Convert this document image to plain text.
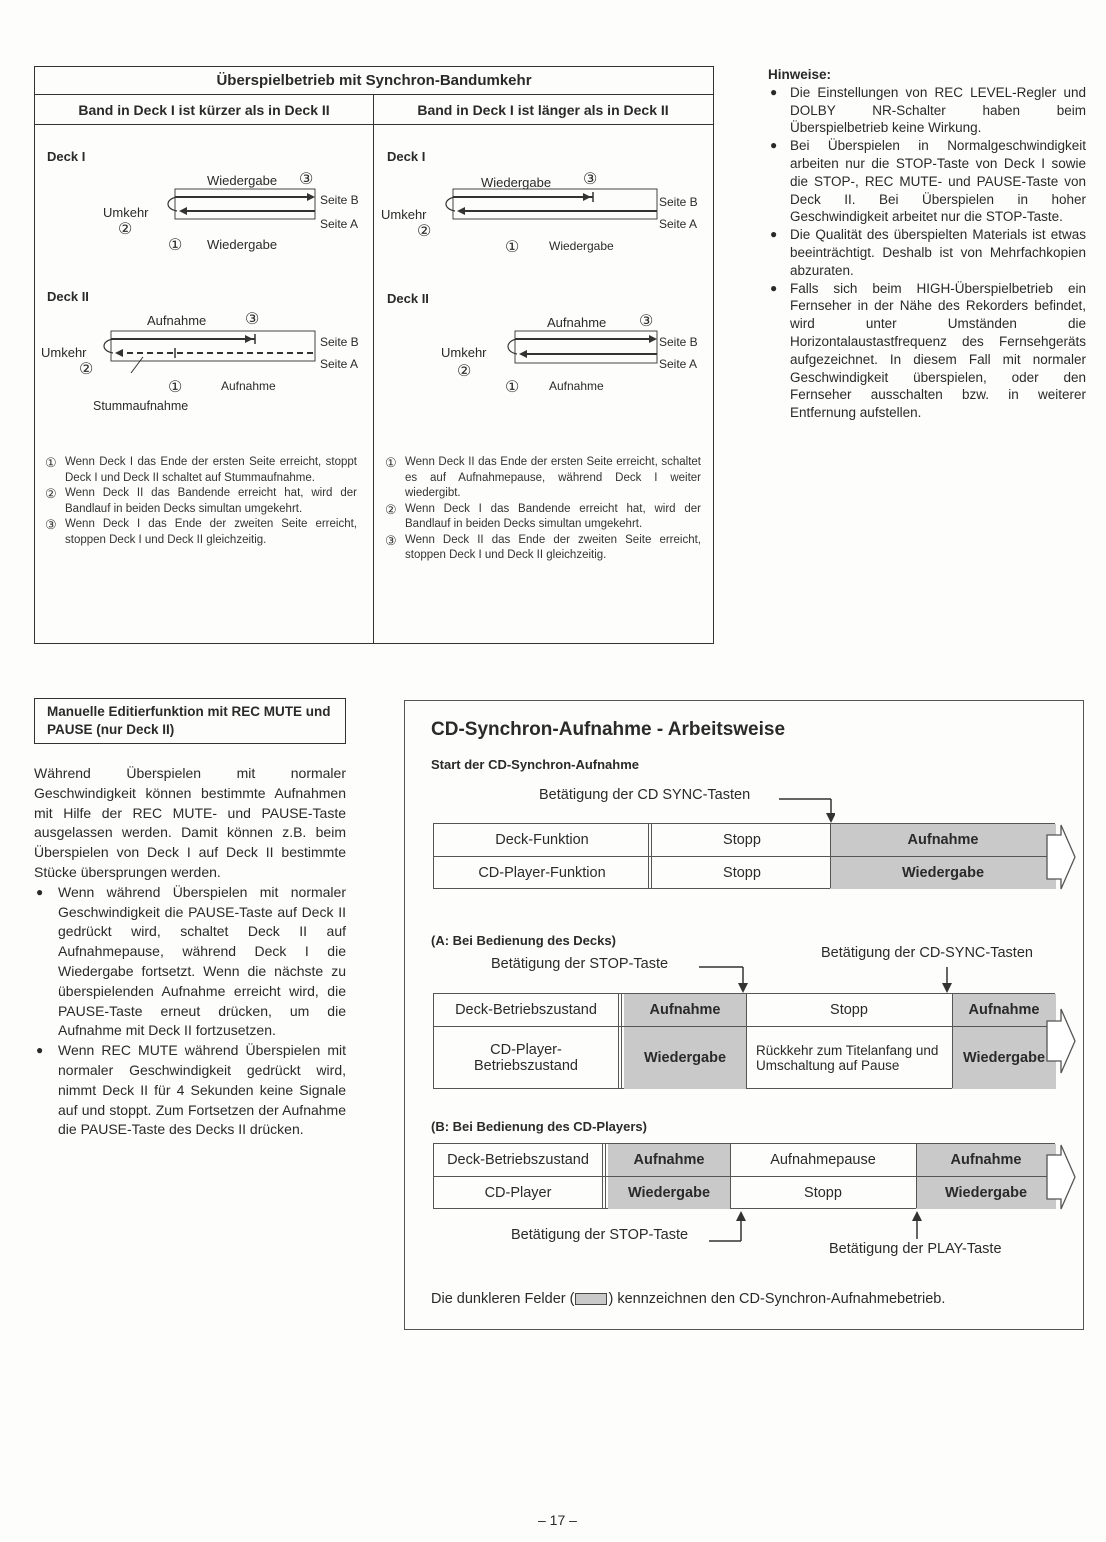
Überspielbetrieb mit Synchron-Bandumkehr
Band in Deck I ist kürzer als in Deck II	Band in Deck I ist länger als in Deck II
Deck I
Wiedergabe ③
Umkehr
②
Seite B
Seite A
① Wiedergabe
Deck II
Aufnahme ③
Umkehr
②
Seite B
Seite A
①	Aufnahme
Stummaufnahme
① Wenn Deck I das Ende der ersten Seite erreicht, stoppt Deck I und Deck II schaltet auf Stummaufnahme.
② Wenn Deck II das Bandende erreicht hat, wird der Bandlauf in beiden Decks simultan umgekehrt.
③ Wenn Deck I das Ende der zweiten Seite erreicht, stoppen Deck I und Deck II gleichzeitig.
Deck I
Wiedergabe ③
Umkehr
②
Seite B
Seite A
① Wiedergabe
Deck II
Aufnahme ③
Umkehr
②
Seite B
Seite A
① Aufnahme
① Wenn Deck II das Ende der ersten Seite erreicht, schaltet es auf Aufnahmepause, während Deck I weiter wiedergibt.
② Wenn Deck I das Bandende erreicht hat, wird der Bandlauf in beiden Decks simultan umgekehrt.
③ Wenn Deck II das Ende der zweiten Seite erreicht, stoppen Deck I und Deck II gleichzeitig.
Hinweise:
● Die Einstellungen von REC LEVEL-Regler und DOLBY NR-Schalter haben beim Überspielbetrieb keine Wirkung.
● Bei Überspielen in Normalgeschwindigkeit arbeiten nur die STOP-Taste von Deck I sowie die STOP-, REC MUTE- und PAUSE-Taste von Deck II. Bei Überspielen in hoher Geschwindigkeit arbeitet nur die STOP-Taste.
● Die Qualität des überspielten Materials ist etwas beeinträchtigt. Deshalb ist von Mehrfachkopien abzuraten.
● Falls sich beim HIGH-Überspielbetrieb ein Fernseher in der Nähe des Rekorders befindet, wird unter Umständen die Horizontalaustastfrequenz des Fernsehgeräts aufgezeichnet. In diesem Fall mit normaler Geschwindigkeit überspielen, oder den Fernseher ausschalten bzw. in weiterer Entfernung aufstellen.
Manuelle Editierfunktion mit REC MUTE und PAUSE (nur Deck II)
Während Überspielen mit normaler Geschwindigkeit können bestimmte Aufnahmen mit Hilfe der REC MUTE- und PAUSE-Taste ausgelassen werden. Damit können z.B. beim Überspielen von Deck I auf Deck II bestimmte Stücke übersprungen werden.
●	Wenn während Überspielen mit normaler Geschwindigkeit die PAUSE-Taste auf Deck II gedrückt wird, schaltet Deck II auf Aufnahmepause, während Deck I die Wiedergabe fortsetzt. Wenn die nächste zu überspielenden Aufnahme erreicht wird, die PAUSE-Taste erneut drücken, um die Aufnahme mit Deck II fortzusetzen.
●	Wenn REC MUTE während Überspielen mit normaler Geschwindigkeit gedrückt wird, nimmt Deck II für 4 Sekunden keine Signale auf und stoppt. Zum Fortsetzen der Aufnahme die PAUSE-Taste des Decks II drücken.
CD-Synchron-Aufnahme - Arbeitsweise
Start der CD-Synchron-Aufnahme
Betätigung der CD SYNC-Tasten
Deck-Funktion	Stopp	Aufnahme
CD-Player-Funktion	Stopp	Wiedergabe
(A: Bei Bedienung des Decks)
Betätigung der STOP-Taste
Betätigung der CD-SYNC-Tasten
Deck-Betriebszustand	Aufnahme	Stopp	Aufnahme
CD-Player-
Betriebszustand	Wiedergabe	Rückkehr zum Titelanfang und Umschaltung auf Pause	Wiedergabe
(B: Bei Bedienung des CD-Players)
Deck-Betriebszustand	Aufnahme	Aufnahmepause	Aufnahme
CD-Player	Wiedergabe	Stopp	Wiedergabe
Betätigung der STOP-Taste
Betätigung der PLAY-Taste
Die dunkleren Felder ( ) kennzeichnen den CD-Synchron-Aufnahmebetrieb.
– 17 –
